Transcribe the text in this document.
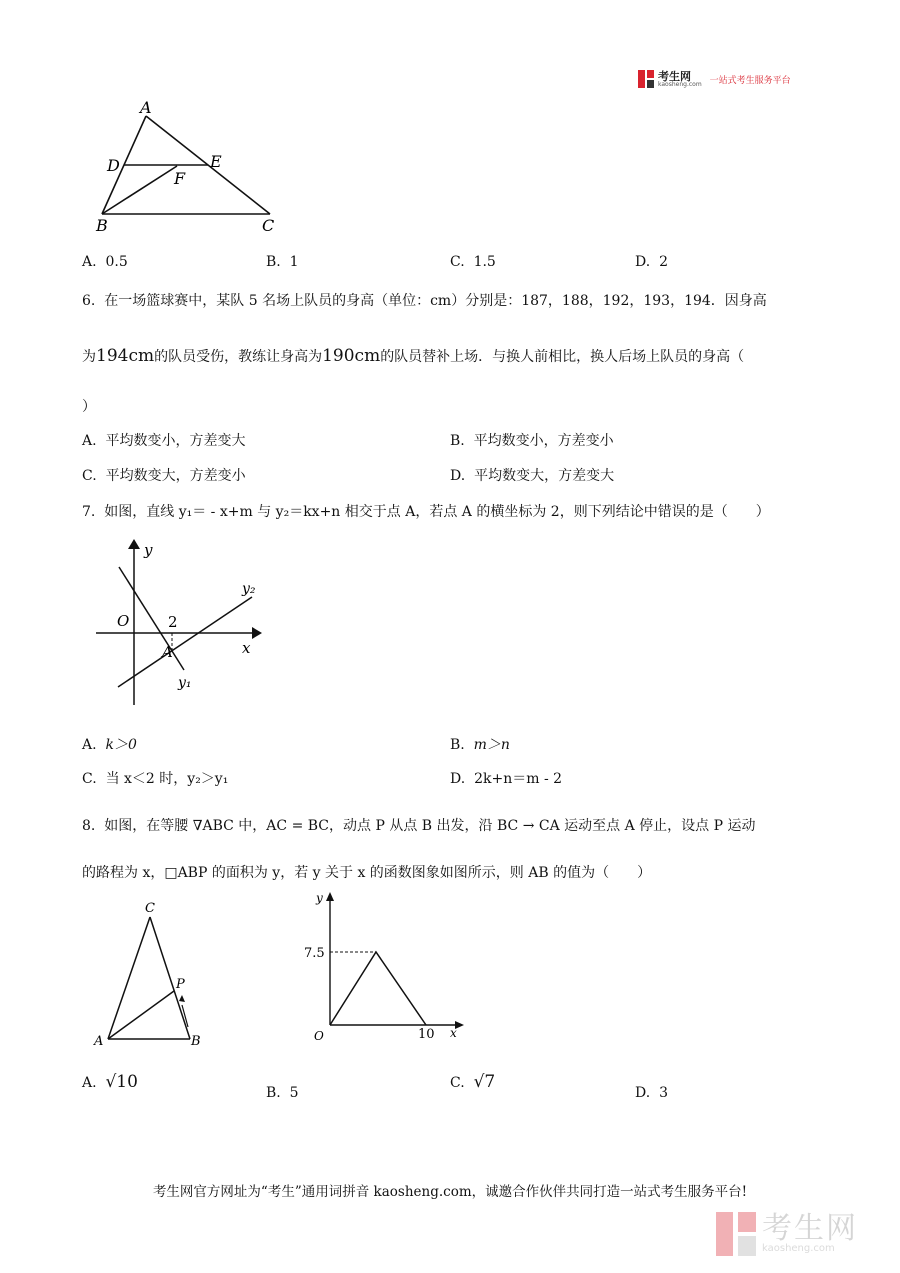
考生网
kaosheng.com 一站式考生服务平台
A
D	E
F
B	C
A. 0.5	B. 1	C. 1.5	D. 2
6. 在一场篮球赛中，某队 5 名场上队员的身高（单位：cm）分别是：187，188，192，193，194．因身高
为194cm的队员受伤，教练让身高为190cm的队员替补上场．与换人前相比，换人后场上队员的身高（
）
A. 平均数变小，方差变大	B. 平均数变小，方差变小
C. 平均数变大，方差变小	D. 平均数变大，方差变大
7. 如图，直线 y₁＝ - x+m 与 y₂＝kx+n 相交于点 A，若点 A 的横坐标为 2，则下列结论中错误的是（　　）
y
x
O
A
y₁
y₂
2
A. k＞0	B. m＞n
C. 当 x＜2 时，y₂＞y₁	D. 2k+n＝m - 2
8. 如图，在等腰 ∇ABC 中，AC = BC，动点 P 从点 B 出发，沿 BC → CA 运动至点 A 停止，设点 P 运动
的路程为 x，□ABP 的面积为 y，若 y 关于 x 的函数图象如图所示，则 AB 的值为（　　）
C
P
A	B
y
7.5
O	10 x
A. √10
B. 5
C. √7
D. 3
考生网官方网址为“考生”通用词拼音 kaosheng.com，诚邀合作伙伴共同打造一站式考生服务平台!
考生网
kaosheng.com
